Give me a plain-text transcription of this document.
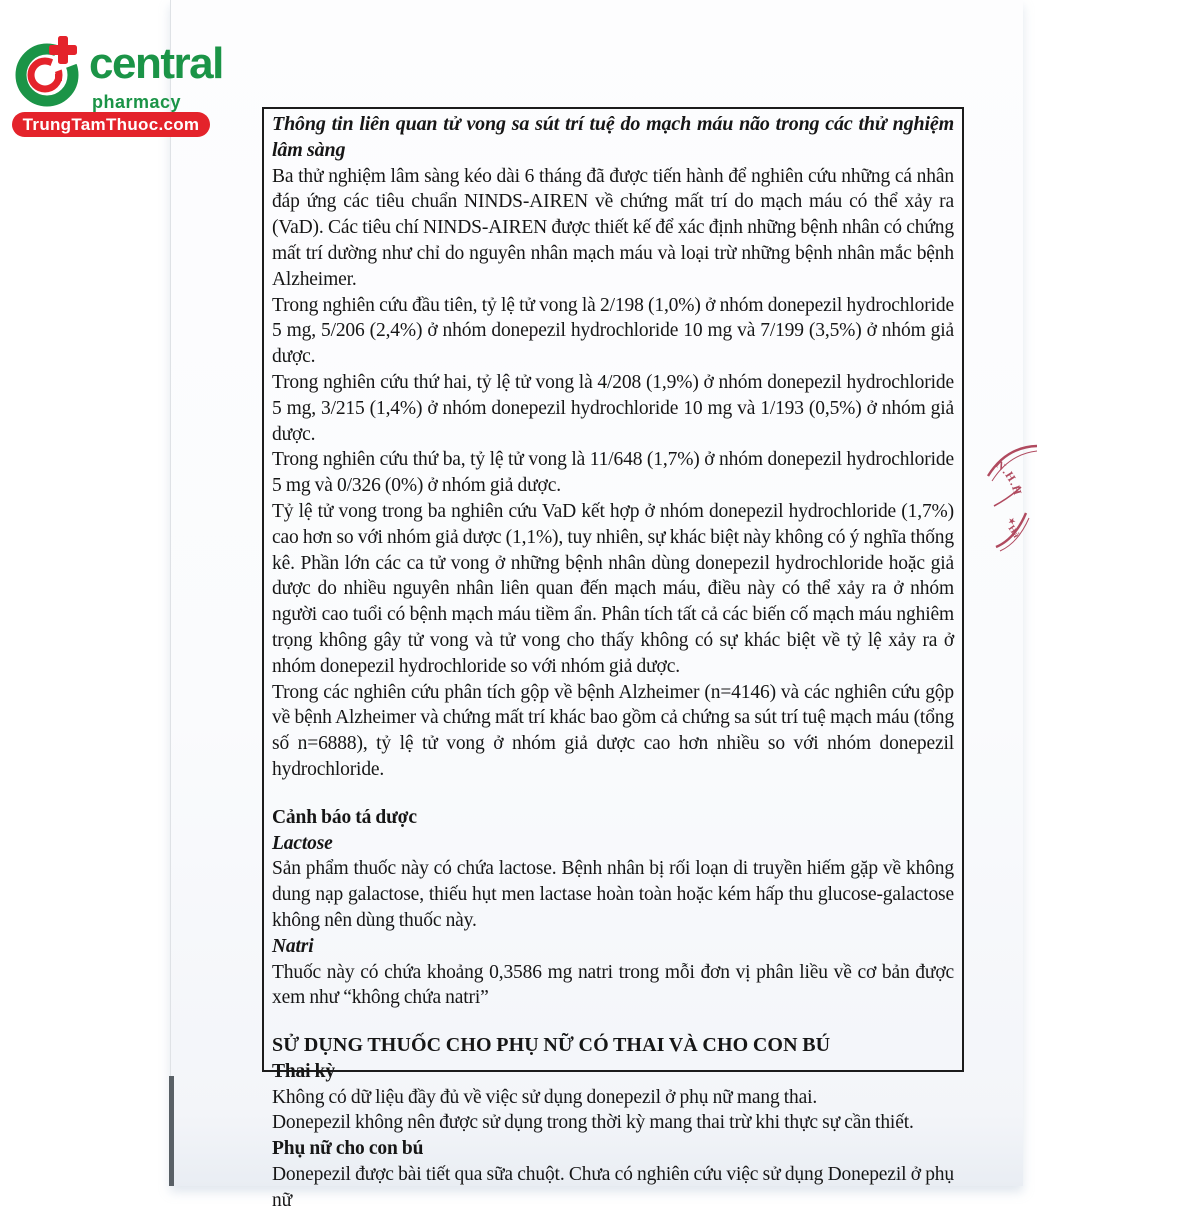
Thông tin liên quan tử vong sa sút trí tuệ do mạch máu não trong các thử nghiệm lâm sàng

Ba thử nghiệm lâm sàng kéo dài 6 tháng đã được tiến hành để nghiên cứu những cá nhân đáp ứng các tiêu chuẩn NINDS-AIREN về chứng mất trí do mạch máu có thể xảy ra (VaD). Các tiêu chí NINDS-AIREN được thiết kế để xác định những bệnh nhân có chứng mất trí dường như chỉ do nguyên nhân mạch máu và loại trừ những bệnh nhân mắc bệnh Alzheimer.

Trong nghiên cứu đầu tiên, tỷ lệ tử vong là 2/198 (1,0%) ở nhóm donepezil hydrochloride 5 mg, 5/206 (2,4%) ở nhóm donepezil hydrochloride 10 mg và 7/199 (3,5%) ở nhóm giả dược.

Trong nghiên cứu thứ hai, tỷ lệ tử vong là 4/208 (1,9%) ở nhóm donepezil hydrochloride 5 mg, 3/215 (1,4%) ở nhóm donepezil hydrochloride 10 mg và 1/193 (0,5%) ở nhóm giả dược.

Trong nghiên cứu thứ ba, tỷ lệ tử vong là 11/648 (1,7%) ở nhóm donepezil hydrochloride 5 mg và 0/326 (0%) ở nhóm giả dược.

Tỷ lệ tử vong trong ba nghiên cứu VaD kết hợp ở nhóm donepezil hydrochloride (1,7%) cao hơn so với nhóm giả dược (1,1%), tuy nhiên, sự khác biệt này không có ý nghĩa thống kê. Phần lớn các ca tử vong ở những bệnh nhân dùng donepezil hydrochloride hoặc giả dược do nhiều nguyên nhân liên quan đến mạch máu, điều này có thể xảy ra ở nhóm người cao tuổi có bệnh mạch máu tiềm ẩn. Phân tích tất cả các biến cố mạch máu nghiêm trọng không gây tử vong và tử vong cho thấy không có sự khác biệt về tỷ lệ xảy ra ở nhóm donepezil hydrochloride so với nhóm giả dược.

Trong các nghiên cứu phân tích gộp về bệnh Alzheimer (n=4146) và các nghiên cứu gộp về bệnh Alzheimer và chứng mất trí khác bao gồm cả chứng sa sút trí tuệ mạch máu (tổng số n=6888), tỷ lệ tử vong ở nhóm giả dược cao hơn nhiều so với nhóm donepezil hydrochloride.

Cảnh báo tá dược

Lactose

Sản phẩm thuốc này có chứa lactose. Bệnh nhân bị rối loạn di truyền hiếm gặp về không dung nạp galactose, thiếu hụt men lactase hoàn toàn hoặc kém hấp thu glucose-galactose không nên dùng thuốc này.

Natri

Thuốc này có chứa khoảng 0,3586 mg natri trong mỗi đơn vị phân liều về cơ bản được xem như “không chứa natri”

SỬ DỤNG THUỐC CHO PHỤ NỮ CÓ THAI VÀ CHO CON BÚ

Thai kỳ

Không có dữ liệu đầy đủ về việc sử dụng donepezil ở phụ nữ mang thai.

Donepezil không nên được sử dụng trong thời kỳ mang thai trừ khi thực sự cần thiết.

Phụ nữ cho con bú

Donepezil được bài tiết qua sữa chuột. Chưa có nghiên cứu việc sử dụng Donepezil ở phụ nữ

central
pharmacy
TrungTamThuoc.com
N.H.H
★
Hà
